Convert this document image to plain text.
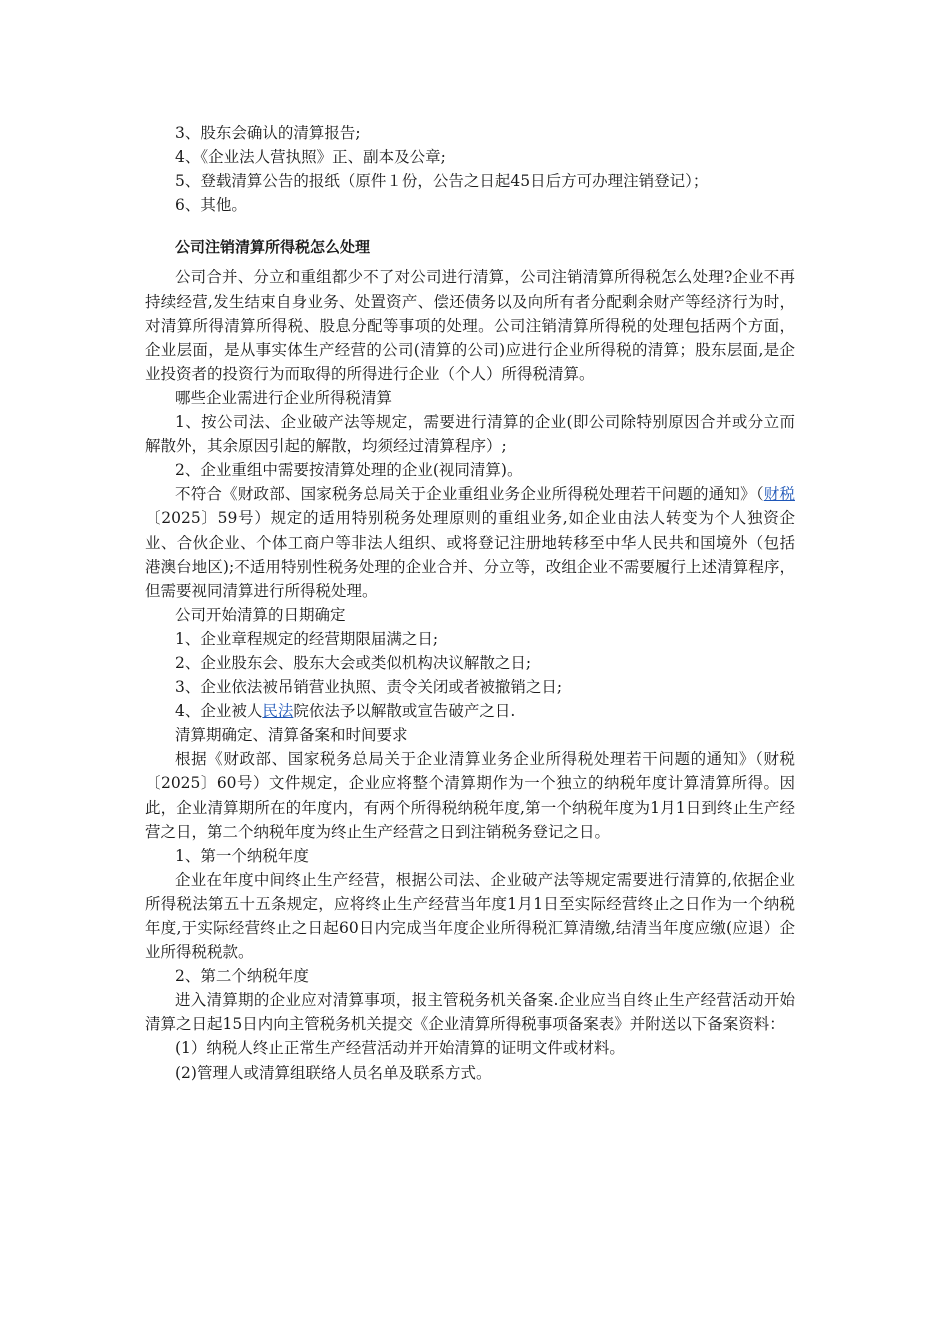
3、股东会确认的清算报告;
4、《企业法人营执照》正、副本及公章;
5、登载清算公告的报纸（原件１份，公告之日起45日后方可办理注销登记）；
6、其他。
公司注销清算所得税怎么处理

公司合并、分立和重组都少不了对公司进行清算，公司注销清算所得税怎么处理?企业不再持续经营,发生结束自身业务、处置资产、偿还债务以及向所有者分配剩余财产等经济行为时，对清算所得清算所得税、股息分配等事项的处理。公司注销清算所得税的处理包括两个方面，企业层面，是从事实体生产经营的公司(清算的公司)应进行企业所得税的清算；股东层面,是企业投资者的投资行为而取得的所得进行企业（个人）所得税清算。

哪些企业需进行企业所得税清算

1、按公司法、企业破产法等规定，需要进行清算的企业(即公司除特别原因合并或分立而解散外，其余原因引起的解散，均须经过清算程序）;

2、企业重组中需要按清算处理的企业(视同清算)。

不符合《财政部、国家税务总局关于企业重组业务企业所得税处理若干问题的通知》（财税〔2025〕59号）规定的适用特别税务处理原则的重组业务,如企业由法人转变为个人独资企业、合伙企业、个体工商户等非法人组织、或将登记注册地转移至中华人民共和国境外（包括港澳台地区);不适用特别性税务处理的企业合并、分立等，改组企业不需要履行上述清算程序，但需要视同清算进行所得税处理。

公司开始清算的日期确定
1、企业章程规定的经营期限届满之日;
2、企业股东会、股东大会或类似机构决议解散之日;
3、企业依法被吊销营业执照、责令关闭或者被撤销之日;
4、企业被人民法院依法予以解散或宣告破产之日.
清算期确定、清算备案和时间要求

根据《财政部、国家税务总局关于企业清算业务企业所得税处理若干问题的通知》（财税〔2025〕60号）文件规定，企业应将整个清算期作为一个独立的纳税年度计算清算所得。因此，企业清算期所在的年度内，有两个所得税纳税年度,第一个纳税年度为1月1日到终止生产经营之日，第二个纳税年度为终止生产经营之日到注销税务登记之日。

1、第一个纳税年度

企业在年度中间终止生产经营，根据公司法、企业破产法等规定需要进行清算的,依据企业所得税法第五十五条规定，应将终止生产经营当年度1月1日至实际经营终止之日作为一个纳税年度,于实际经营终止之日起60日内完成当年度企业所得税汇算清缴,结清当年度应缴(应退）企业所得税税款。

2、第二个纳税年度

进入清算期的企业应对清算事项，报主管税务机关备案.企业应当自终止生产经营活动开始清算之日起15日内向主管税务机关提交《企业清算所得税事项备案表》并附送以下备案资料：

(1）纳税人终止正常生产经营活动并开始清算的证明文件或材料。
(2)管理人或清算组联络人员名单及联系方式。
